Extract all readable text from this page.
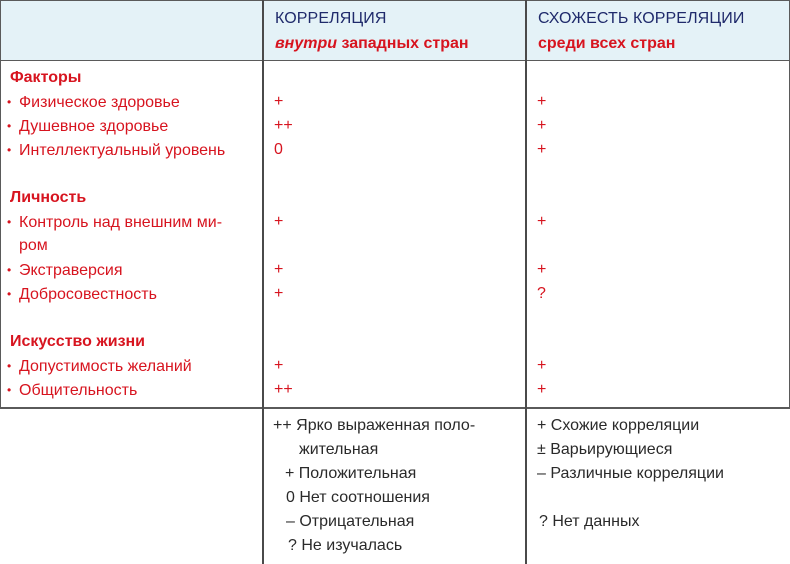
КОРРЕЛЯЦИЯ
внутри западных стран
СХОЖЕСТЬ КОРРЕЛЯЦИИ
среди всех стран
Факторы
• Физическое здоровье	+	+
• Душевное здоровье	++	+
• Интеллектуальный уровень	0	+
Личность
• Контроль над внешним ми-
ром
+	+
• Экстраверсия	+	+
• Добросовестность	+	?
Искусство жизни
• Допустимость желаний	+	+
• Общительность	++	+
++ Ярко выраженная поло-
жительная
+ Положительная
0 Нет соотношения
– Отрицательная
? Не изучалась
+ Схожие корреляции
± Варьирующиеся
– Различные корреляции
? Нет данных
